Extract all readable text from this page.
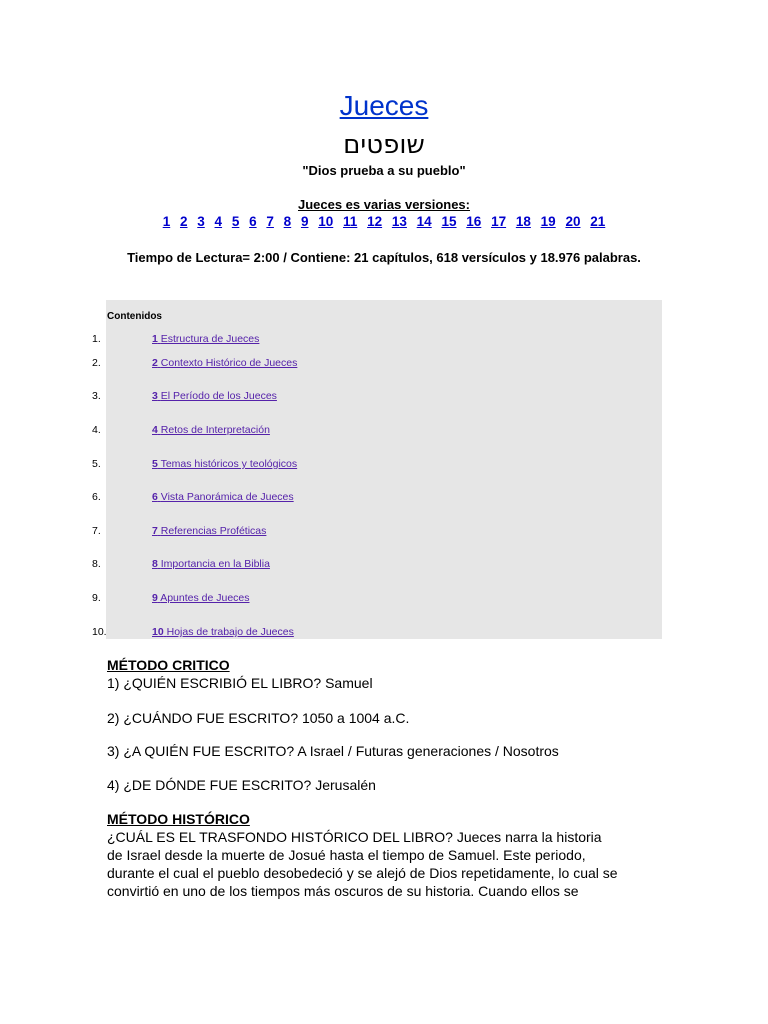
Jueces
שופטים
"Dios prueba a su pueblo"
Jueces es varias versiones:
1 2 3 4 5 6 7 8 9 10 11 12 13 14 15 16 17 18 19 20 21
Tiempo de Lectura= 2:00 / Contiene: 21 capítulos, 618 versículos y 18.976 palabras.
Contenidos
1.	1 Estructura de Jueces
2.	2 Contexto Histórico de Jueces
3.	3 El Período de los Jueces
4.	4 Retos de Interpretación
5.	5 Temas históricos y teológicos
6.	6 Vista Panorámica de Jueces
7.	7 Referencias Proféticas
8.	8 Importancia en la Biblia
9.	9 Apuntes de Jueces
10.	10 Hojas de trabajo de Jueces
MÉTODO CRITICO
1) ¿QUIÉN ESCRIBIÓ EL LIBRO? Samuel
2) ¿CUÁNDO FUE ESCRITO? 1050 a 1004 a.C.
3) ¿A QUIÉN FUE ESCRITO? A Israel / Futuras generaciones / Nosotros
4) ¿DE DÓNDE FUE ESCRITO? Jerusalén
MÉTODO HISTÓRICO
¿CUÁL ES EL TRASFONDO HISTÓRICO DEL LIBRO? Jueces narra la historia
de Israel desde la muerte de Josué hasta el tiempo de Samuel. Este periodo,
durante el cual el pueblo desobedeció y se alejó de Dios repetidamente, lo cual se
convirtió en uno de los tiempos más oscuros de su historia. Cuando ellos se
